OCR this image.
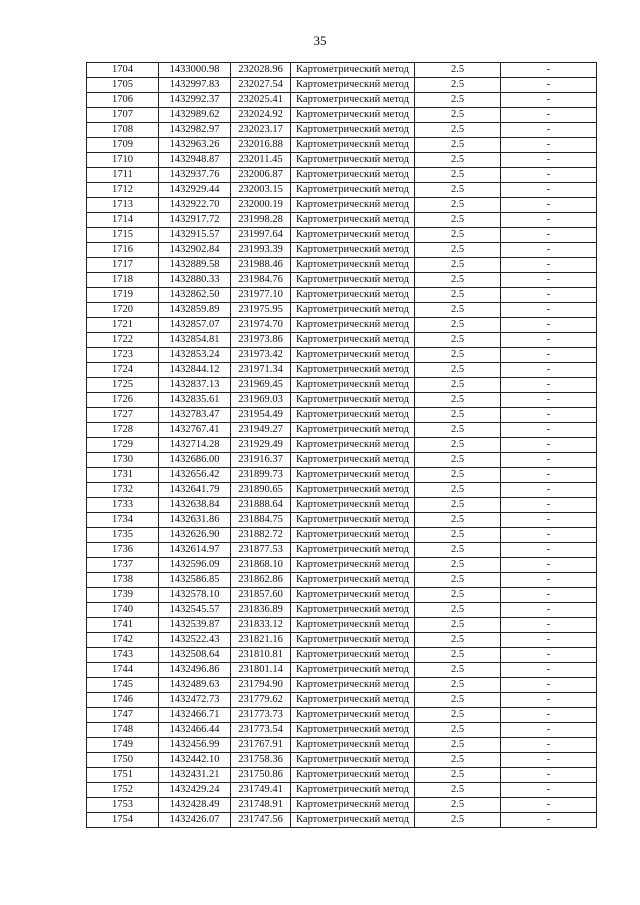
35
1704	1433000.98	232028.96	Картометрический метод	2.5	-
1705	1432997.83	232027.54	Картометрический метод	2.5	-
1706	1432992.37	232025.41	Картометрический метод	2.5	-
1707	1432989.62	232024.92	Картометрический метод	2.5	-
1708	1432982.97	232023.17	Картометрический метод	2.5	-
1709	1432963.26	232016.88	Картометрический метод	2.5	-
1710	1432948.87	232011.45	Картометрический метод	2.5	-
1711	1432937.76	232006.87	Картометрический метод	2.5	-
1712	1432929.44	232003.15	Картометрический метод	2.5	-
1713	1432922.70	232000.19	Картометрический метод	2.5	-
1714	1432917.72	231998.28	Картометрический метод	2.5	-
1715	1432915.57	231997.64	Картометрический метод	2.5	-
1716	1432902.84	231993.39	Картометрический метод	2.5	-
1717	1432889.58	231988.46	Картометрический метод	2.5	-
1718	1432880.33	231984.76	Картометрический метод	2.5	-
1719	1432862.50	231977.10	Картометрический метод	2.5	-
1720	1432859.89	231975.95	Картометрический метод	2.5	-
1721	1432857.07	231974.70	Картометрический метод	2.5	-
1722	1432854.81	231973.86	Картометрический метод	2.5	-
1723	1432853.24	231973.42	Картометрический метод	2.5	-
1724	1432844.12	231971.34	Картометрический метод	2.5	-
1725	1432837.13	231969.45	Картометрический метод	2.5	-
1726	1432835.61	231969.03	Картометрический метод	2.5	-
1727	1432783.47	231954.49	Картометрический метод	2.5	-
1728	1432767.41	231949.27	Картометрический метод	2.5	-
1729	1432714.28	231929.49	Картометрический метод	2.5	-
1730	1432686.00	231916.37	Картометрический метод	2.5	-
1731	1432656.42	231899.73	Картометрический метод	2.5	-
1732	1432641.79	231890.65	Картометрический метод	2.5	-
1733	1432638.84	231888.64	Картометрический метод	2.5	-
1734	1432631.86	231884.75	Картометрический метод	2.5	-
1735	1432626.90	231882.72	Картометрический метод	2.5	-
1736	1432614.97	231877.53	Картометрический метод	2.5	-
1737	1432596.09	231868.10	Картометрический метод	2.5	-
1738	1432586.85	231862.86	Картометрический метод	2.5	-
1739	1432578.10	231857.60	Картометрический метод	2.5	-
1740	1432545.57	231836.89	Картометрический метод	2.5	-
1741	1432539.87	231833.12	Картометрический метод	2.5	-
1742	1432522.43	231821.16	Картометрический метод	2.5	-
1743	1432508.64	231810.81	Картометрический метод	2.5	-
1744	1432496.86	231801.14	Картометрический метод	2.5	-
1745	1432489.63	231794.90	Картометрический метод	2.5	-
1746	1432472.73	231779.62	Картометрический метод	2.5	-
1747	1432466.71	231773.73	Картометрический метод	2.5	-
1748	1432466.44	231773.54	Картометрический метод	2.5	-
1749	1432456.99	231767.91	Картометрический метод	2.5	-
1750	1432442.10	231758.36	Картометрический метод	2.5	-
1751	1432431.21	231750.86	Картометрический метод	2.5	-
1752	1432429.24	231749.41	Картометрический метод	2.5	-
1753	1432428.49	231748.91	Картометрический метод	2.5	-
1754	1432426.07	231747.56	Картометрический метод	2.5	-
